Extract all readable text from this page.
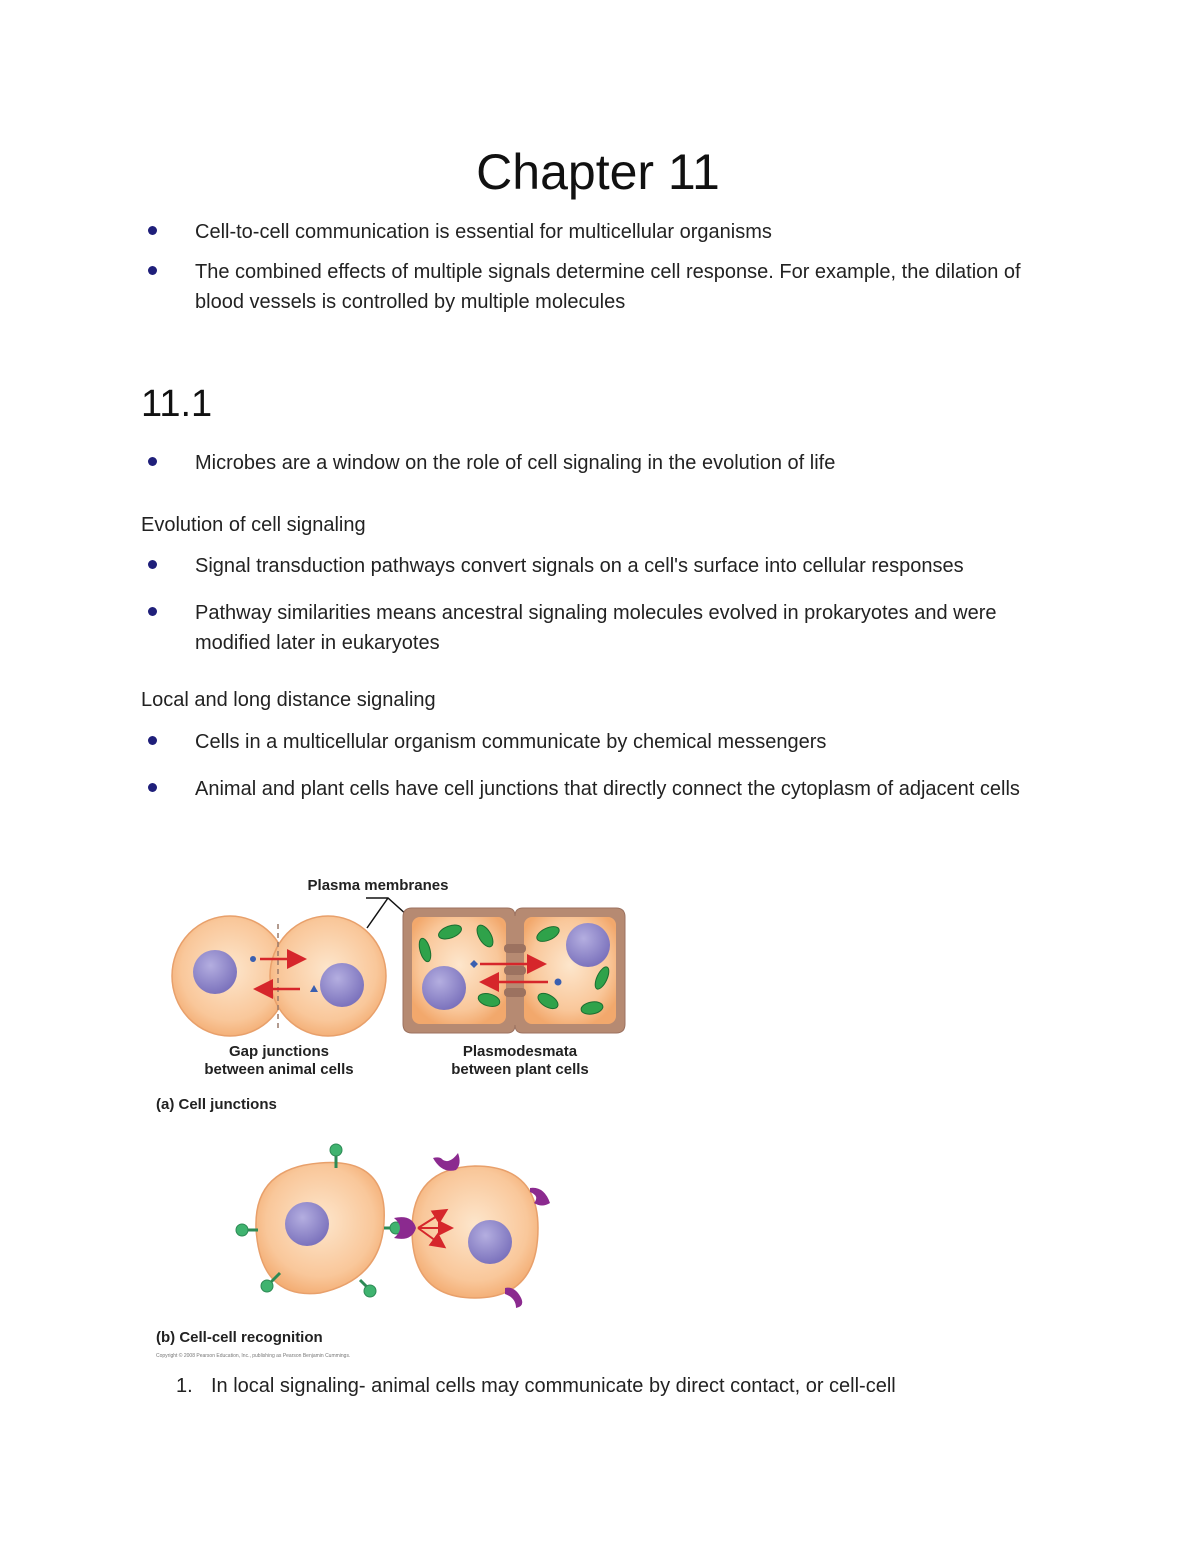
Chapter 11
Cell-to-cell communication is essential for multicellular organisms
The combined effects of multiple signals determine cell response. For example, the dilation of blood vessels is controlled by multiple molecules
11.1
Microbes are a window on the role of cell signaling in the evolution of life
Evolution of cell signaling
Signal transduction pathways convert signals on a cell's surface into cellular responses
Pathway similarities means ancestral signaling molecules evolved in prokaryotes and were modified later in eukaryotes
Local and long distance signaling
Cells in a multicellular organism communicate by chemical messengers
Animal and plant cells have cell junctions that directly connect the cytoplasm of adjacent cells
Plasma membranes
Gap junctions
between animal cells
Plasmodesmata
between plant cells
(a) Cell junctions
(b) Cell-cell recognition
Copyright © 2008 Pearson Education, Inc., publishing as Pearson Benjamin Cummings.
1. In local signaling- animal cells may communicate by direct contact, or cell-cell
